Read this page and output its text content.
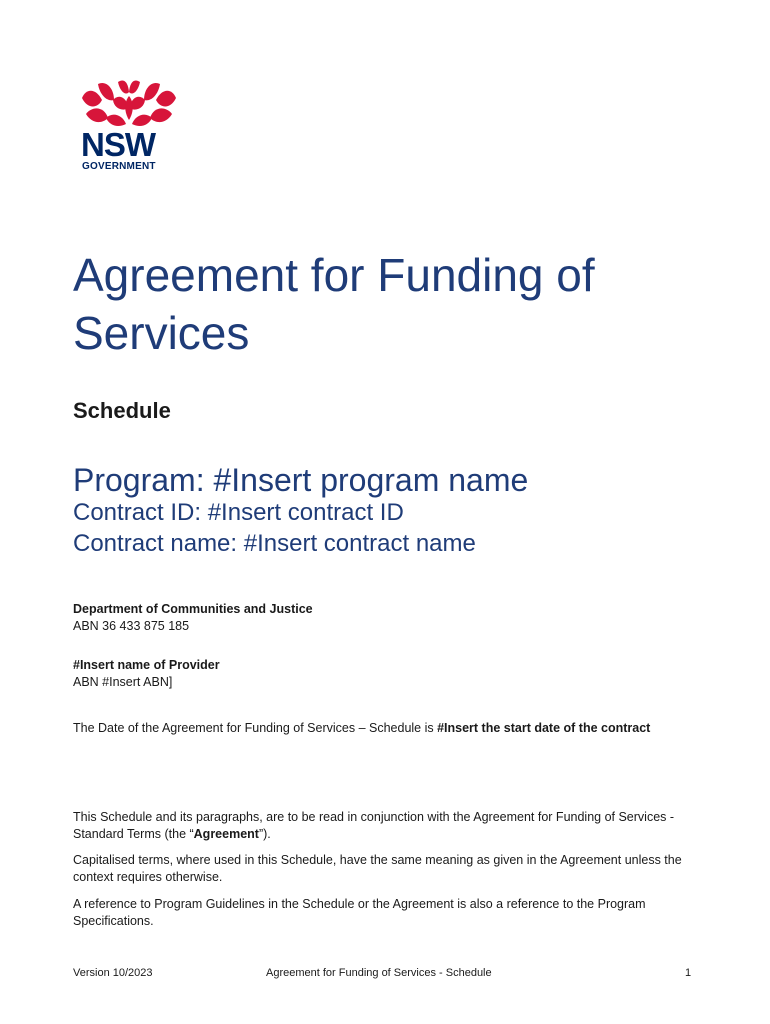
NSW
GOVERNMENT
Agreement for Funding of
Services
Schedule
Program: #Insert program name
Contract ID: #Insert contract ID
Contract name: #Insert contract name
Department of Communities and Justice
ABN 36 433 875 185
#Insert name of Provider
ABN #Insert ABN]
The Date of the Agreement for Funding of Services – Schedule is #Insert the start date of the contract
This Schedule and its paragraphs, are to be read in conjunction with the Agreement for Funding of Services - Standard Terms (the “Agreement”).
Capitalised terms, where used in this Schedule, have the same meaning as given in the Agreement unless the context requires otherwise.
A reference to Program Guidelines in the Schedule or the Agreement is also a reference to the Program Specifications.
Version 10/2023	Agreement for Funding of Services - Schedule	1
